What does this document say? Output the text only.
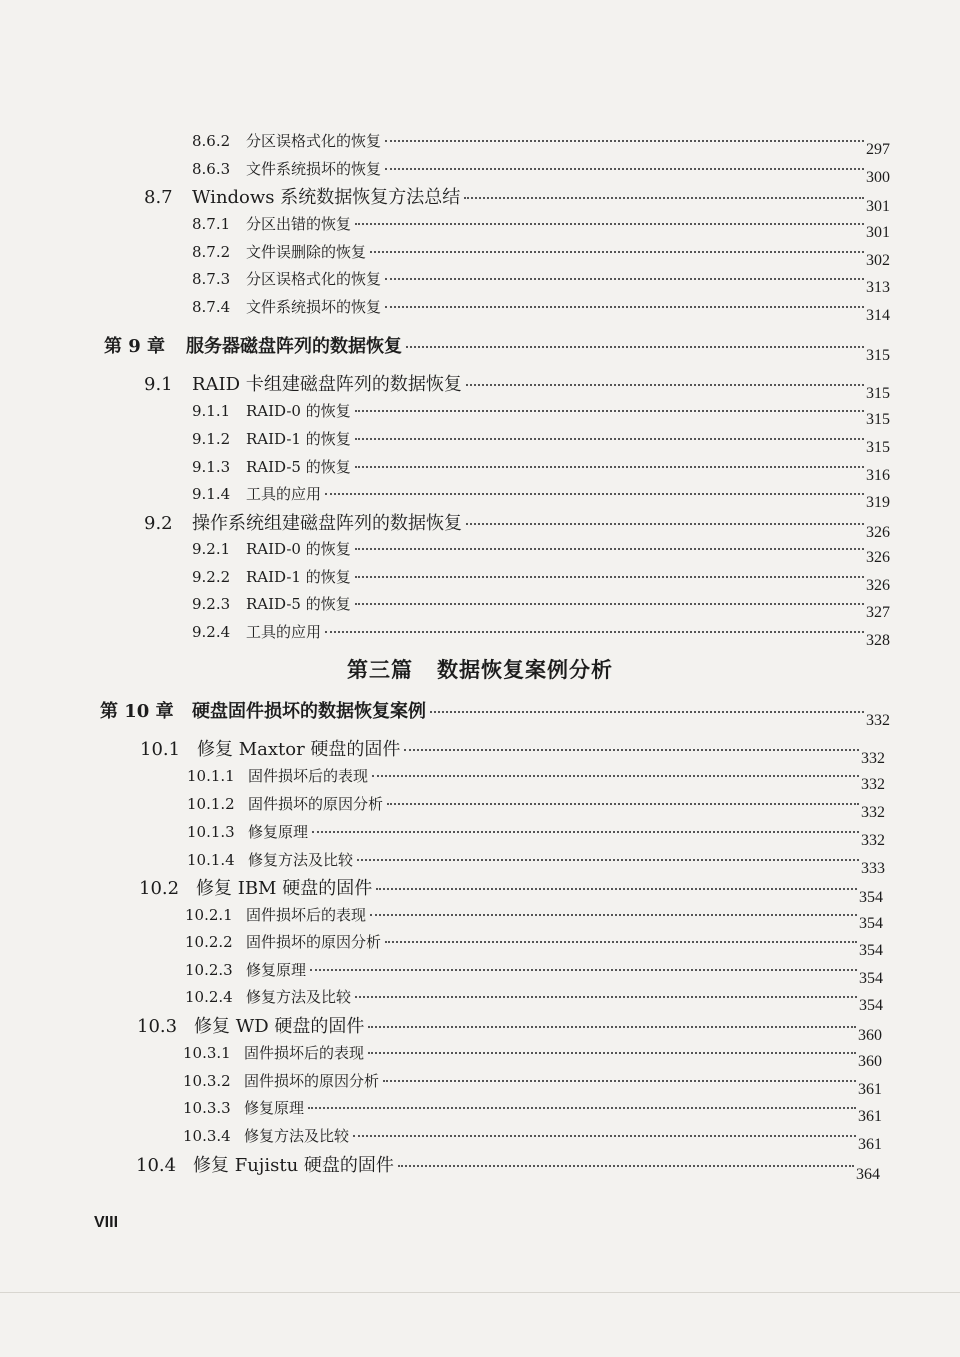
8.6.2	分区误格式化的恢复	297
8.6.3	文件系统损坏的恢复	300
8.7	Windows 系统数据恢复方法总结	301
8.7.1	分区出错的恢复	301
8.7.2	文件误删除的恢复	302
8.7.3	分区误格式化的恢复	313
8.7.4	文件系统损坏的恢复	314
第 9 章	服务器磁盘阵列的数据恢复	315
9.1	RAID 卡组建磁盘阵列的数据恢复	315
9.1.1	RAID-0 的恢复	315
9.1.2	RAID-1 的恢复	315
9.1.3	RAID-5 的恢复	316
9.1.4	工具的应用	319
9.2	操作系统组建磁盘阵列的数据恢复	326
9.2.1	RAID-0 的恢复	326
9.2.2	RAID-1 的恢复	326
9.2.3	RAID-5 的恢复	327
9.2.4	工具的应用	328
第三篇 数据恢复案例分析
第 10 章	硬盘固件损坏的数据恢复案例	332
10.1 修复 Maxtor 硬盘的固件	332
10.1.1 固件损坏后的表现	332
10.1.2 固件损坏的原因分析	332
10.1.3 修复原理	332
10.1.4 修复方法及比较	333
10.2 修复 IBM 硬盘的固件	354
10.2.1 固件损坏后的表现	354
10.2.2 固件损坏的原因分析	354
10.2.3 修复原理	354
10.2.4 修复方法及比较	354
10.3 修复 WD 硬盘的固件	360
10.3.1 固件损坏后的表现	360
10.3.2 固件损坏的原因分析	361
10.3.3 修复原理	361
10.3.4 修复方法及比较	361
10.4 修复 Fujistu 硬盘的固件	364
VIII
